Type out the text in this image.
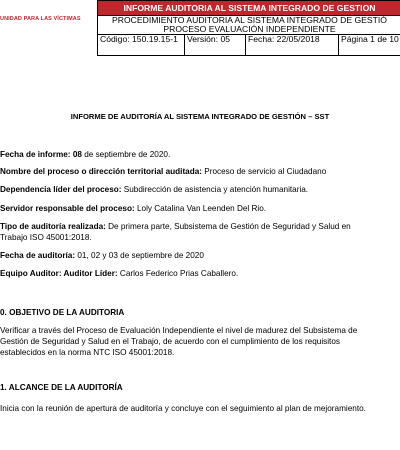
UNIDAD PARA LAS VÍCTIMAS
INFORME AUDITORIA AL SISTEMA INTEGRADO DE GESTION

PROCEDIMIENTO AUDITORIA AL SISTEMA INTEGRADO DE GESTIÓ
PROCESO EVALUACIÓN INDEPENDIENTE

Código: 150.19.15-1	Versión: 05	Fecha: 22/05/2018	Página 1 de 10
INFORME DE AUDITORÍA AL SISTEMA INTEGRADO DE GESTIÓN – SST
Fecha de informe: 08 de septiembre de 2020.
Nombre del proceso o dirección territorial auditada: Proceso de servicio al Ciudadano
Dependencia líder del proceso: Subdirección de asistencia y atención humanitaria.
Servidor responsable del proceso: Loly Catalina Van Leenden Del Rio.
Tipo de auditoría realizada: De primera parte, Subsistema de Gestión de Seguridad y Salud en
Trabajo ISO 45001:2018.
Fecha de auditoría: 01, 02 y 03 de septiembre de 2020
Equipo Auditor: Auditor Líder: Carlos Federico Prias Caballero.
0. OBJETIVO DE LA AUDITORIA
Verificar a través del Proceso de Evaluación Independiente el nivel de madurez del Subsistema de
Gestión de Seguridad y Salud en el Trabajo, de acuerdo con el cumplimiento de los requisitos
establecidos en la norma NTC ISO 45001:2018.
1. ALCANCE DE LA AUDITORÍA
Inicia con la reunión de apertura de auditoría y concluye con el seguimiento al plan de mejoramiento.
